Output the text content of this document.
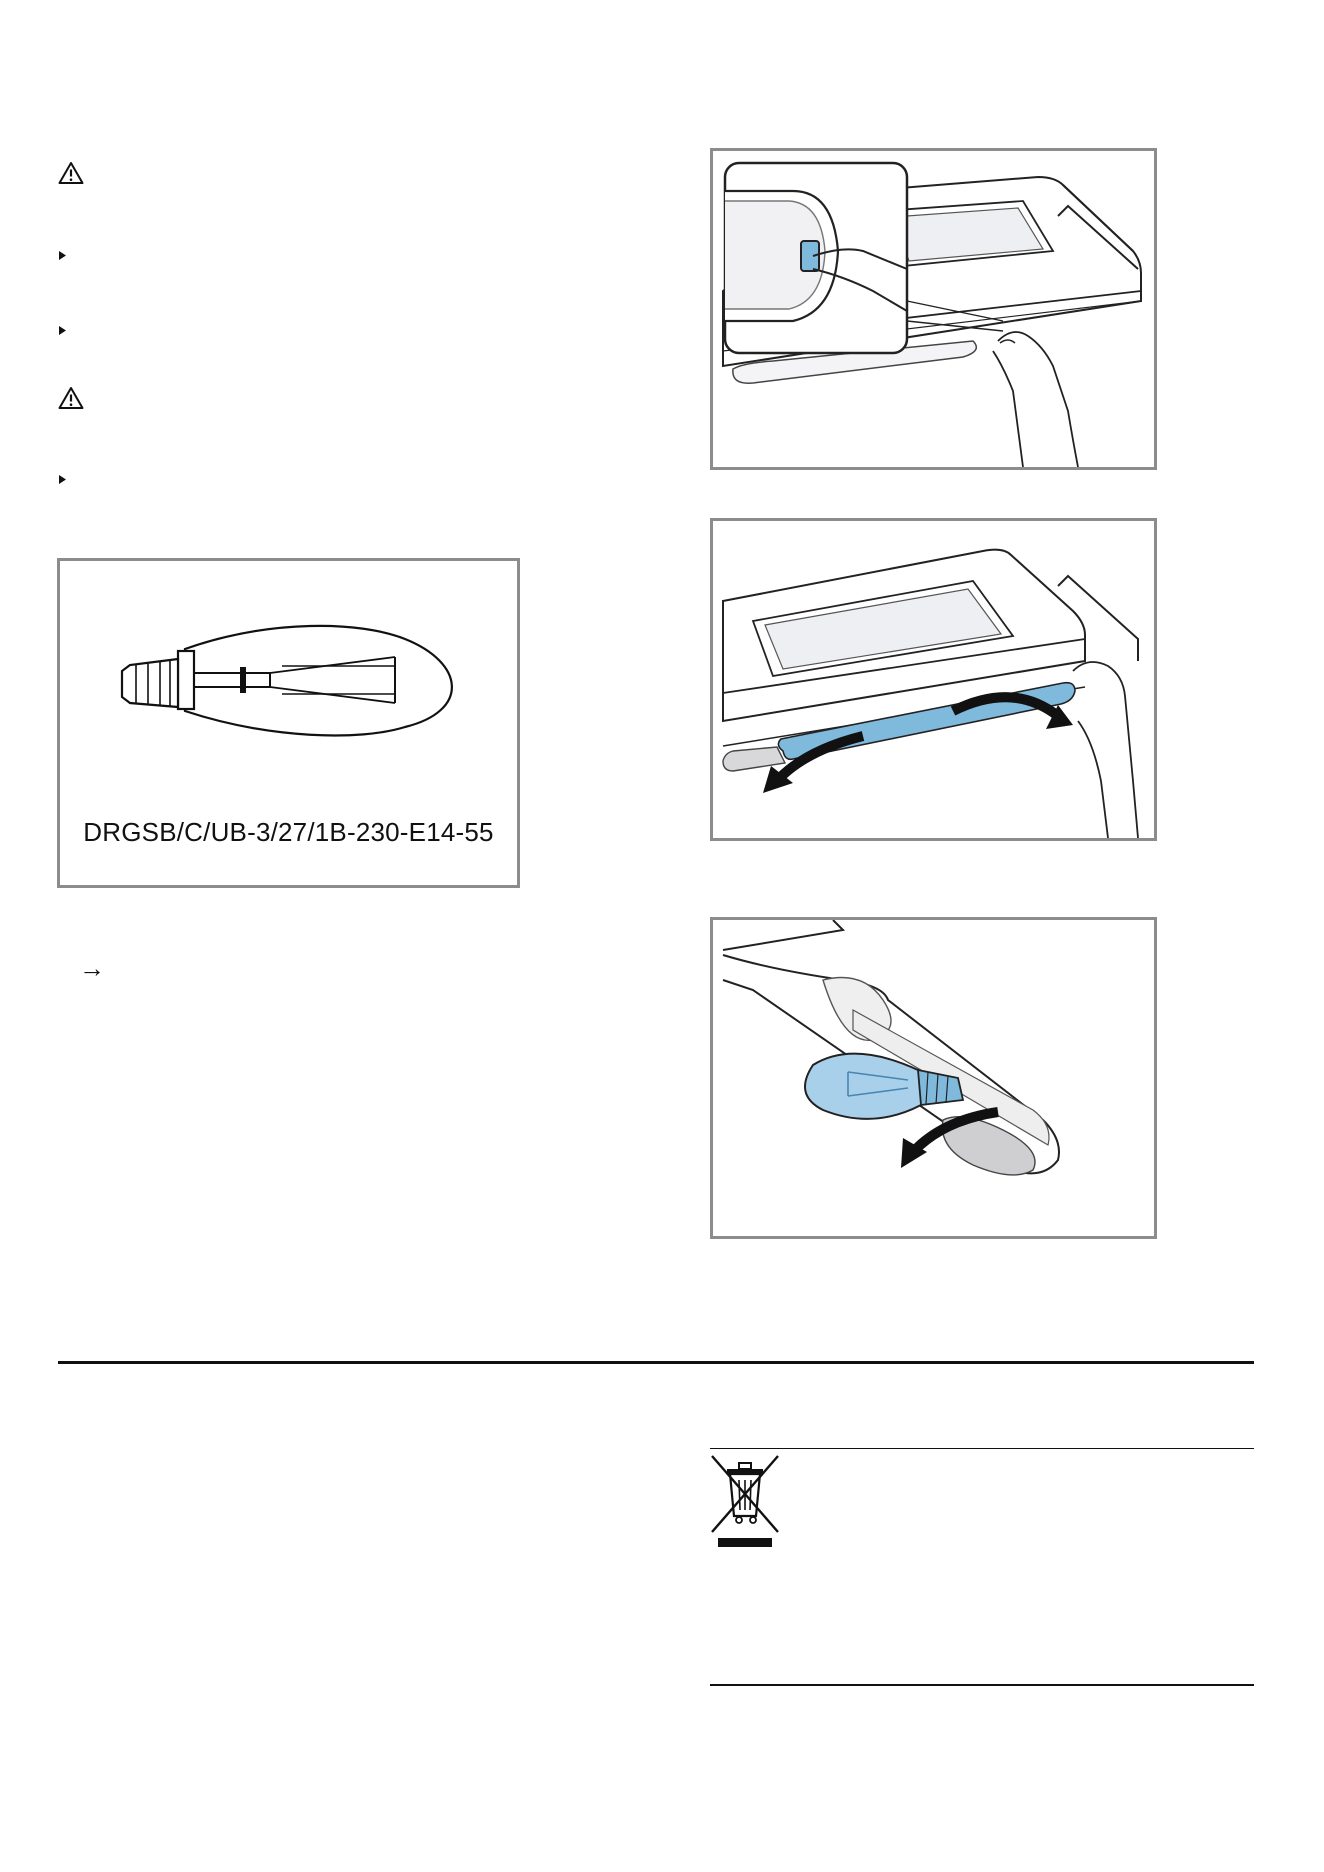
DRGSB/C/UB-3/27/1B-230-E14-55
→
